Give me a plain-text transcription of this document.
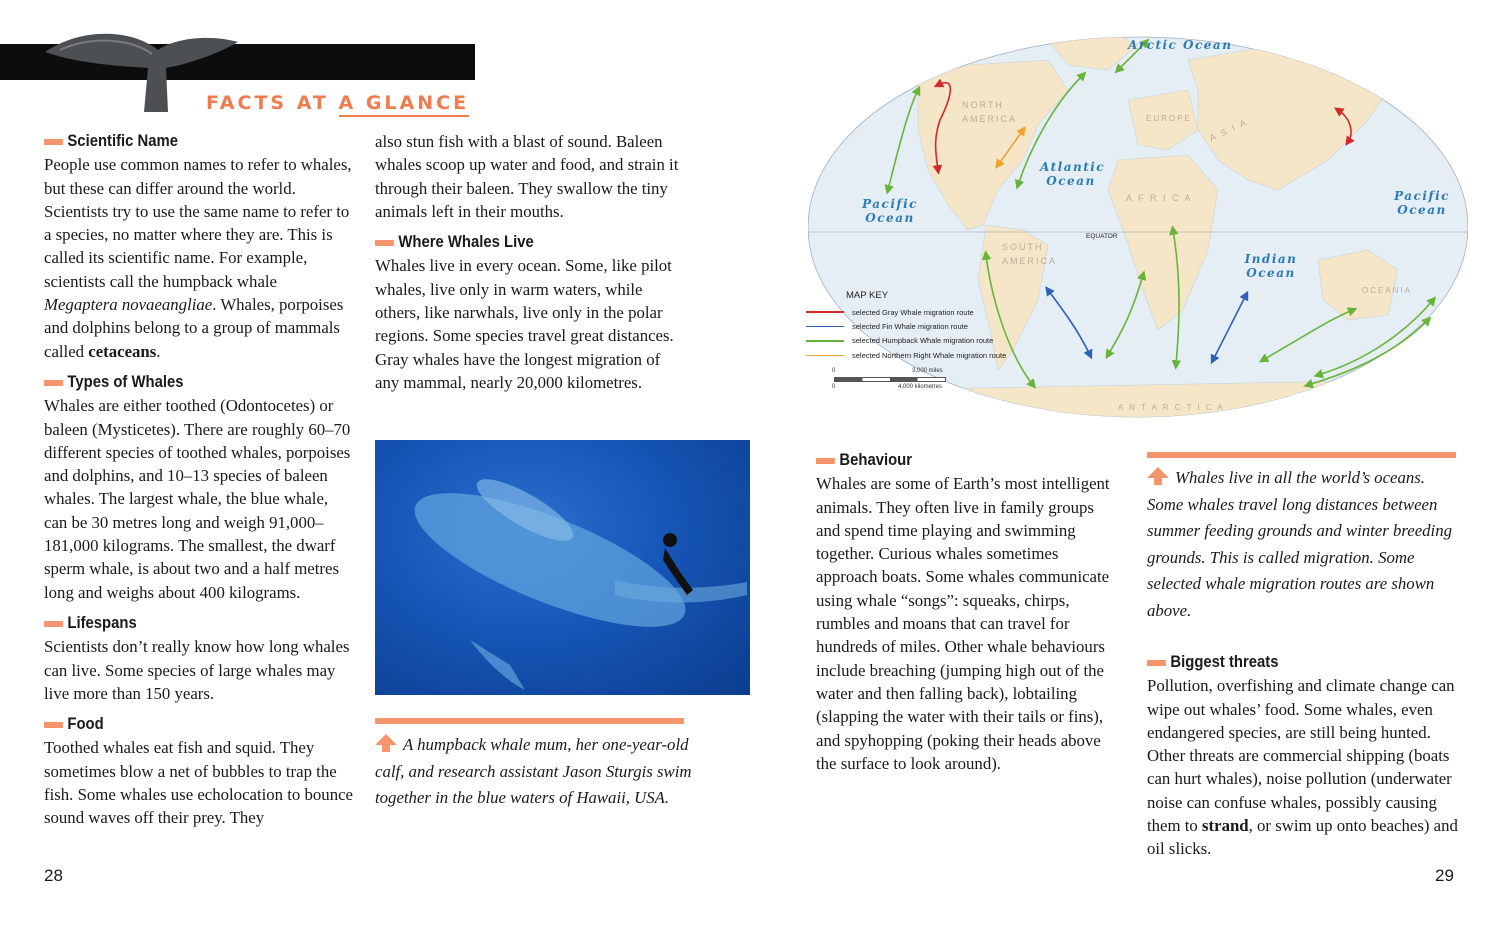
FACTS AT A GLANCE
Scientific Name

People use common names to refer to whales, but these can differ around the world. Scientists try to use the same name to refer to a species, no matter where they are. This is called its scientific name. For example, scientists call the humpback whale Megaptera novaeangliae. Whales, porpoises and dolphins belong to a group of mammals called cetaceans.

Types of Whales

Whales are either toothed (Odontocetes) or baleen (Mysticetes). There are roughly 60–70 different species of toothed whales, porpoises and dolphins, and 10–13 species of baleen whales. The largest whale, the blue whale, can be 30 metres long and weigh 91,000–181,000 kilograms. The smallest, the dwarf sperm whale, is about two and a half metres long and weighs about 400 kilograms.

Lifespans

Scientists don’t really know how long whales can live. Some species of large whales may live more than 150 years.

Food

Toothed whales eat fish and squid. They sometimes blow a net of bubbles to trap the fish. Some whales use echolocation to bounce sound waves off their prey. They

also stun fish with a blast of sound. Baleen whales scoop up water and food, and strain it through their baleen. They swallow the tiny animals left in their mouths.

Where Whales Live

Whales live in every ocean. Some, like pilot whales, live only in warm waters, while others, like narwhals, live only in the polar regions. Some species travel great distances. Gray whales have the longest migration of any mammal, nearly 20,000 kilometres.

A humpback whale mum, her one-year-old calf, and research assistant Jason Sturgis swim together in the blue waters of Hawaii, USA.
28
Arctic Ocean
Atlantic Ocean
Pacific Ocean
Pacific Ocean
Indian Ocean
NORTH AMERICA
SOUTH AMERICA
EUROPE A S I A
A F R I C A
OCEANIA
A N T A R C T I C A
EQUATOR
MAP KEY
selected Gray Whale migration route
selected Fin Whale migration route
selected Humpback Whale migration route
selected Northern Right Whale migration route
0	3,000 miles
0	4,000 kilometres
Behaviour

Whales are some of Earth’s most intelligent animals. They often live in family groups and spend time playing and swimming together. Curious whales sometimes approach boats. Some whales communicate using whale “songs”: squeaks, chirps, rumbles and moans that can travel for hundreds of miles. Other whale behaviours include breaching (jumping high out of the water and then falling back), lobtailing (slapping the water with their tails or fins), and spyhopping (poking their heads above the surface to look around).

Whales live in all the world’s oceans. Some whales travel long distances between summer feeding grounds and winter breeding grounds. This is called migration. Some selected whale migration routes are shown above.
Biggest threats

Pollution, overfishing and climate change can wipe out whales’ food. Some whales, even endangered species, are still being hunted. Other threats are commercial shipping (boats can hurt whales), noise pollution (underwater noise can confuse whales, possibly causing them to strand, or swim up onto beaches) and oil slicks.

29
